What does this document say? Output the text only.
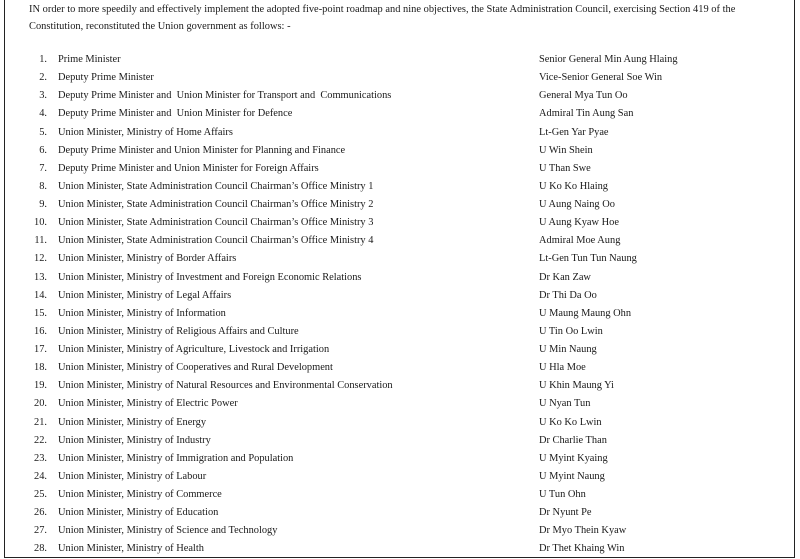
IN order to more speedily and effectively implement the adopted five-point roadmap and nine objectives, the State Administration Council, exercising Section 419 of the Constitution, reconstituted the Union government as follows: -

1. Prime Minister	Senior General Min Aung Hlaing
2. Deputy Prime Minister	Vice-Senior General Soe Win
3. Deputy Prime Minister and  Union Minister for Transport and  Communications	General Mya Tun Oo
4. Deputy Prime Minister and  Union Minister for Defence	Admiral Tin Aung San
5. Union Minister, Ministry of Home Affairs	Lt-Gen Yar Pyae
6. Deputy Prime Minister and Union Minister for Planning and Finance	U Win Shein
7. Deputy Prime Minister and Union Minister for Foreign Affairs	U Than Swe
8. Union Minister, State Administration Council Chairman’s Office Ministry 1	U Ko Ko Hlaing
9. Union Minister, State Administration Council Chairman’s Office Ministry 2	U Aung Naing Oo
10. Union Minister, State Administration Council Chairman’s Office Ministry 3	U Aung Kyaw Hoe
11. Union Minister, State Administration Council Chairman’s Office Ministry 4	Admiral Moe Aung
12. Union Minister, Ministry of Border Affairs	Lt-Gen Tun Tun Naung
13. Union Minister, Ministry of Investment and Foreign Economic Relations	Dr Kan Zaw
14. Union Minister, Ministry of Legal Affairs	Dr Thi Da Oo
15. Union Minister, Ministry of Information	U Maung Maung Ohn
16. Union Minister, Ministry of Religious Affairs and Culture	U Tin Oo Lwin
17. Union Minister, Ministry of Agriculture, Livestock and Irrigation	U Min Naung
18. Union Minister, Ministry of Cooperatives and Rural Development	U Hla Moe
19. Union Minister, Ministry of Natural Resources and Environmental Conservation	U Khin Maung Yi
20. Union Minister, Ministry of Electric Power	U Nyan Tun
21. Union Minister, Ministry of Energy	U Ko Ko Lwin
22. Union Minister, Ministry of Industry	Dr Charlie Than
23. Union Minister, Ministry of Immigration and Population	U Myint Kyaing
24. Union Minister, Ministry of Labour	U Myint Naung
25. Union Minister, Ministry of Commerce	U Tun Ohn
26. Union Minister, Ministry of Education	Dr Nyunt Pe
27. Union Minister, Ministry of Science and Technology	Dr Myo Thein Kyaw
28. Union Minister, Ministry of Health	Dr Thet Khaing Win
